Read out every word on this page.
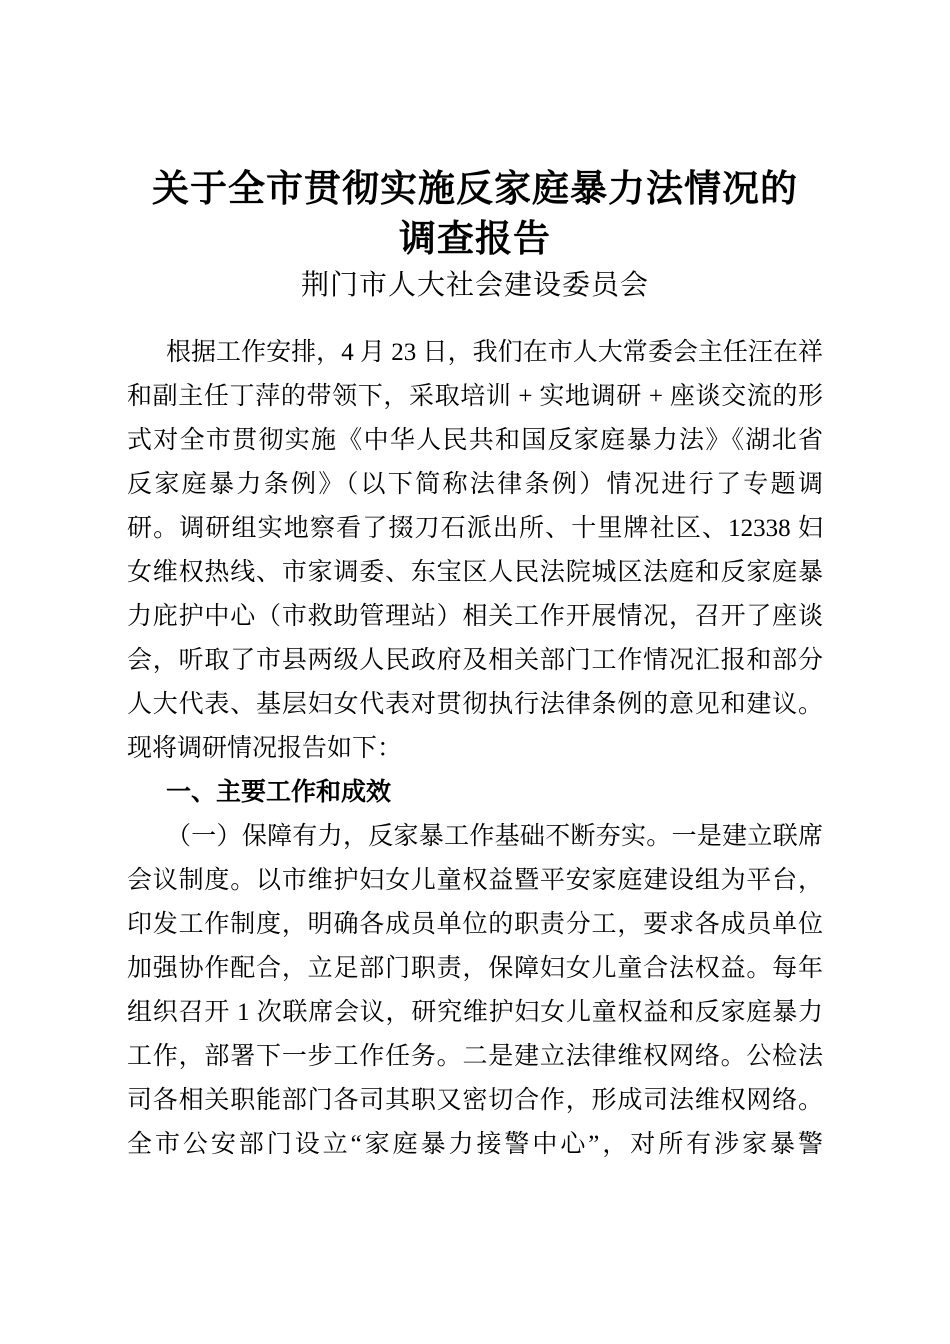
关于全市贯彻实施反家庭暴力法情况的
调查报告
荆门市人大社会建设委员会
根据工作安排，4 月 23 日，我们在市人大常委会主任汪在祥
和副主任丁萍的带领下，采取培训 + 实地调研 + 座谈交流的形
式对全市贯彻实施《中华人民共和国反家庭暴力法》《湖北省
反家庭暴力条例》（以下简称法律条例）情况进行了专题调
研。调研组实地察看了掇刀石派出所、十里牌社区、12338 妇
女维权热线、市家调委、东宝区人民法院城区法庭和反家庭暴
力庇护中心（市救助管理站）相关工作开展情况，召开了座谈
会，听取了市县两级人民政府及相关部门工作情况汇报和部分
人大代表、基层妇女代表对贯彻执行法律条例的意见和建议。
现将调研情况报告如下：
一、主要工作和成效
（一）保障有力，反家暴工作基础不断夯实。一是建立联席
会议制度。以市维护妇女儿童权益暨平安家庭建设组为平台，
印发工作制度，明确各成员单位的职责分工，要求各成员单位
加强协作配合，立足部门职责，保障妇女儿童合法权益。每年
组织召开 1 次联席会议，研究维护妇女儿童权益和反家庭暴力
工作，部署下一步工作任务。二是建立法律维权网络。公检法
司各相关职能部门各司其职又密切合作，形成司法维权网络。
全市公安部门设立“家庭暴力接警中心”，对所有涉家暴警
